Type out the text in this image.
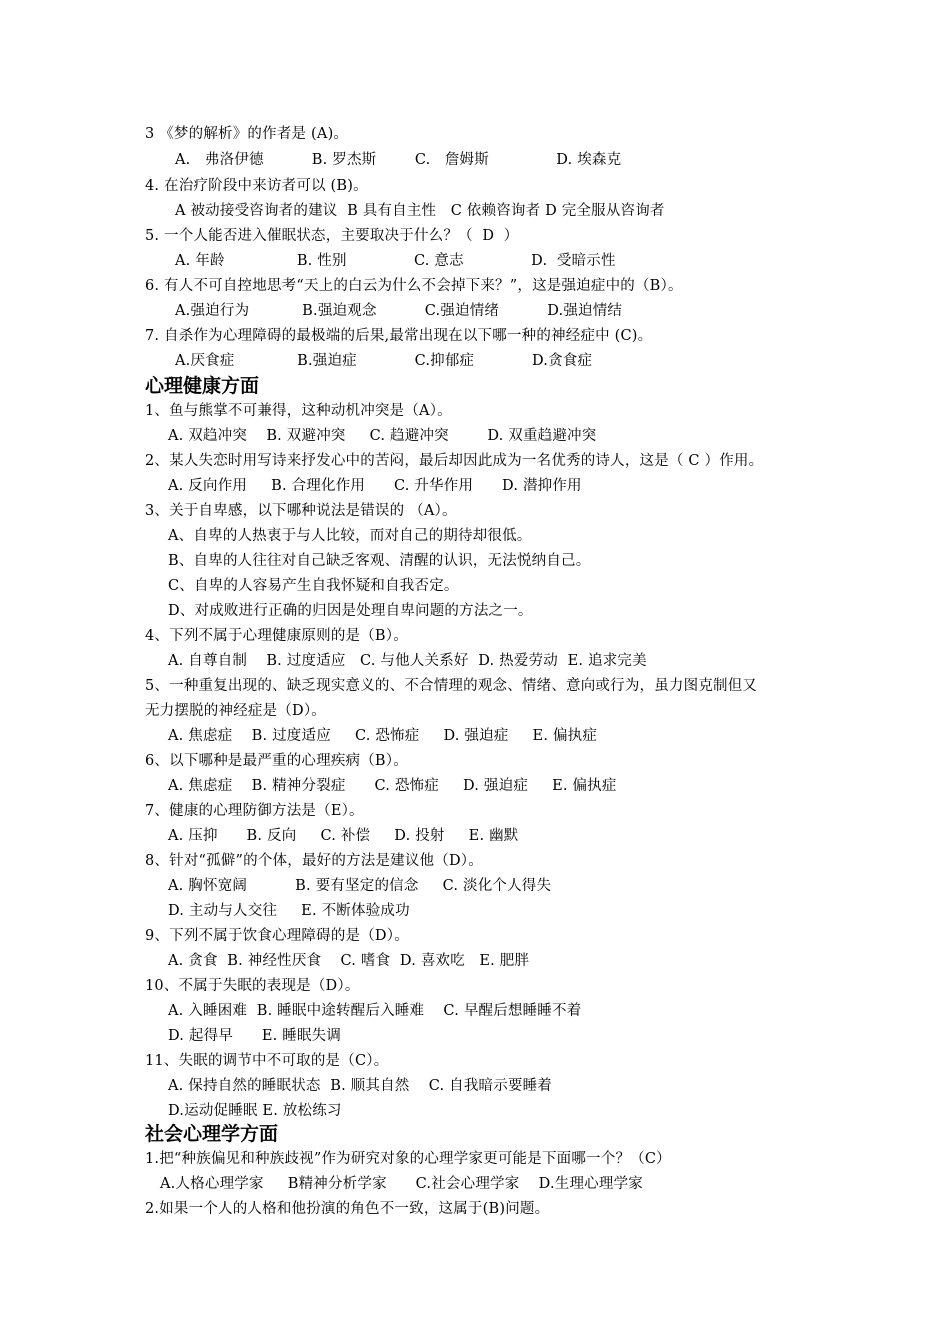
3 《梦的解析》的作者是 (A)。
A.   弗洛伊德          B. 罗杰斯        C.   詹姆斯              D. 埃森克
4. 在治疗阶段中来访者可以 (B)。
A 被动接受咨询者的建议  B 具有自主性   C 依赖咨询者 D 完全服从咨询者
5. 一个人能否进入催眠状态，主要取决于什么？（  D  ）
A. 年龄               B. 性别              C. 意志              D.  受暗示性
6. 有人不可自控地思考“天上的白云为什么不会掉下来？”，这是强迫症中的（B）。
A.强迫行为           B.强迫观念          C.强迫情绪          D.强迫情结
7. 自杀作为心理障碍的最极端的后果,最常出现在以下哪一种的神经症中 (C)。
A.厌食症             B.强迫症            C.抑郁症            D.贪食症
心理健康方面
1、鱼与熊掌不可兼得，这种动机冲突是（A）。
A. 双趋冲突    B. 双避冲突     C. 趋避冲突        D. 双重趋避冲突
2、某人失恋时用写诗来抒发心中的苦闷，最后却因此成为一名优秀的诗人，这是（ C ）作用。
A. 反向作用     B. 合理化作用      C. 升华作用      D. 潜抑作用
3、关于自卑感，以下哪种说法是错误的 （A）。
A、自卑的人热衷于与人比较，而对自己的期待却很低。
B、自卑的人往往对自己缺乏客观、清醒的认识，无法悦纳自己。
C、自卑的人容易产生自我怀疑和自我否定。
D、对成败进行正确的归因是处理自卑问题的方法之一。
4、下列不属于心理健康原则的是（B）。
A. 自尊自制    B. 过度适应   C. 与他人关系好  D. 热爱劳动  E. 追求完美
5、一种重复出现的、缺乏现实意义的、不合情理的观念、情绪、意向或行为，虽力图克制但又
无力摆脱的神经症是（D）。
A. 焦虑症    B. 过度适应     C. 恐怖症     D. 强迫症     E. 偏执症
6、以下哪种是最严重的心理疾病（B）。
A. 焦虑症    B. 精神分裂症      C. 恐怖症     D. 强迫症     E. 偏执症
7、健康的心理防御方法是（E）。
A. 压抑      B. 反向     C. 补偿     D. 投射     E. 幽默
8、针对“孤僻”的个体，最好的方法是建议他（D）。
A. 胸怀宽阔          B. 要有坚定的信念     C. 淡化个人得失
D. 主动与人交往     E. 不断体验成功
9、下列不属于饮食心理障碍的是（D）。
A. 贪食  B. 神经性厌食    C. 嗜食  D. 喜欢吃   E. 肥胖
10、不属于失眠的表现是（D）。
A. 入睡困难  B. 睡眠中途转醒后入睡难    C. 早醒后想睡睡不着
D. 起得早      E. 睡眠失调
11、失眠的调节中不可取的是（C）。
A. 保持自然的睡眠状态  B. 顺其自然    C. 自我暗示要睡着
D.运动促睡眠 E. 放松练习
社会心理学方面
1.把“种族偏见和种族歧视”作为研究对象的心理学家更可能是下面哪一个？（C）
A.人格心理学家     B精神分析学家      C.社会心理学家    D.生理心理学家
2.如果一个人的人格和他扮演的角色不一致，这属于(B)问题。
